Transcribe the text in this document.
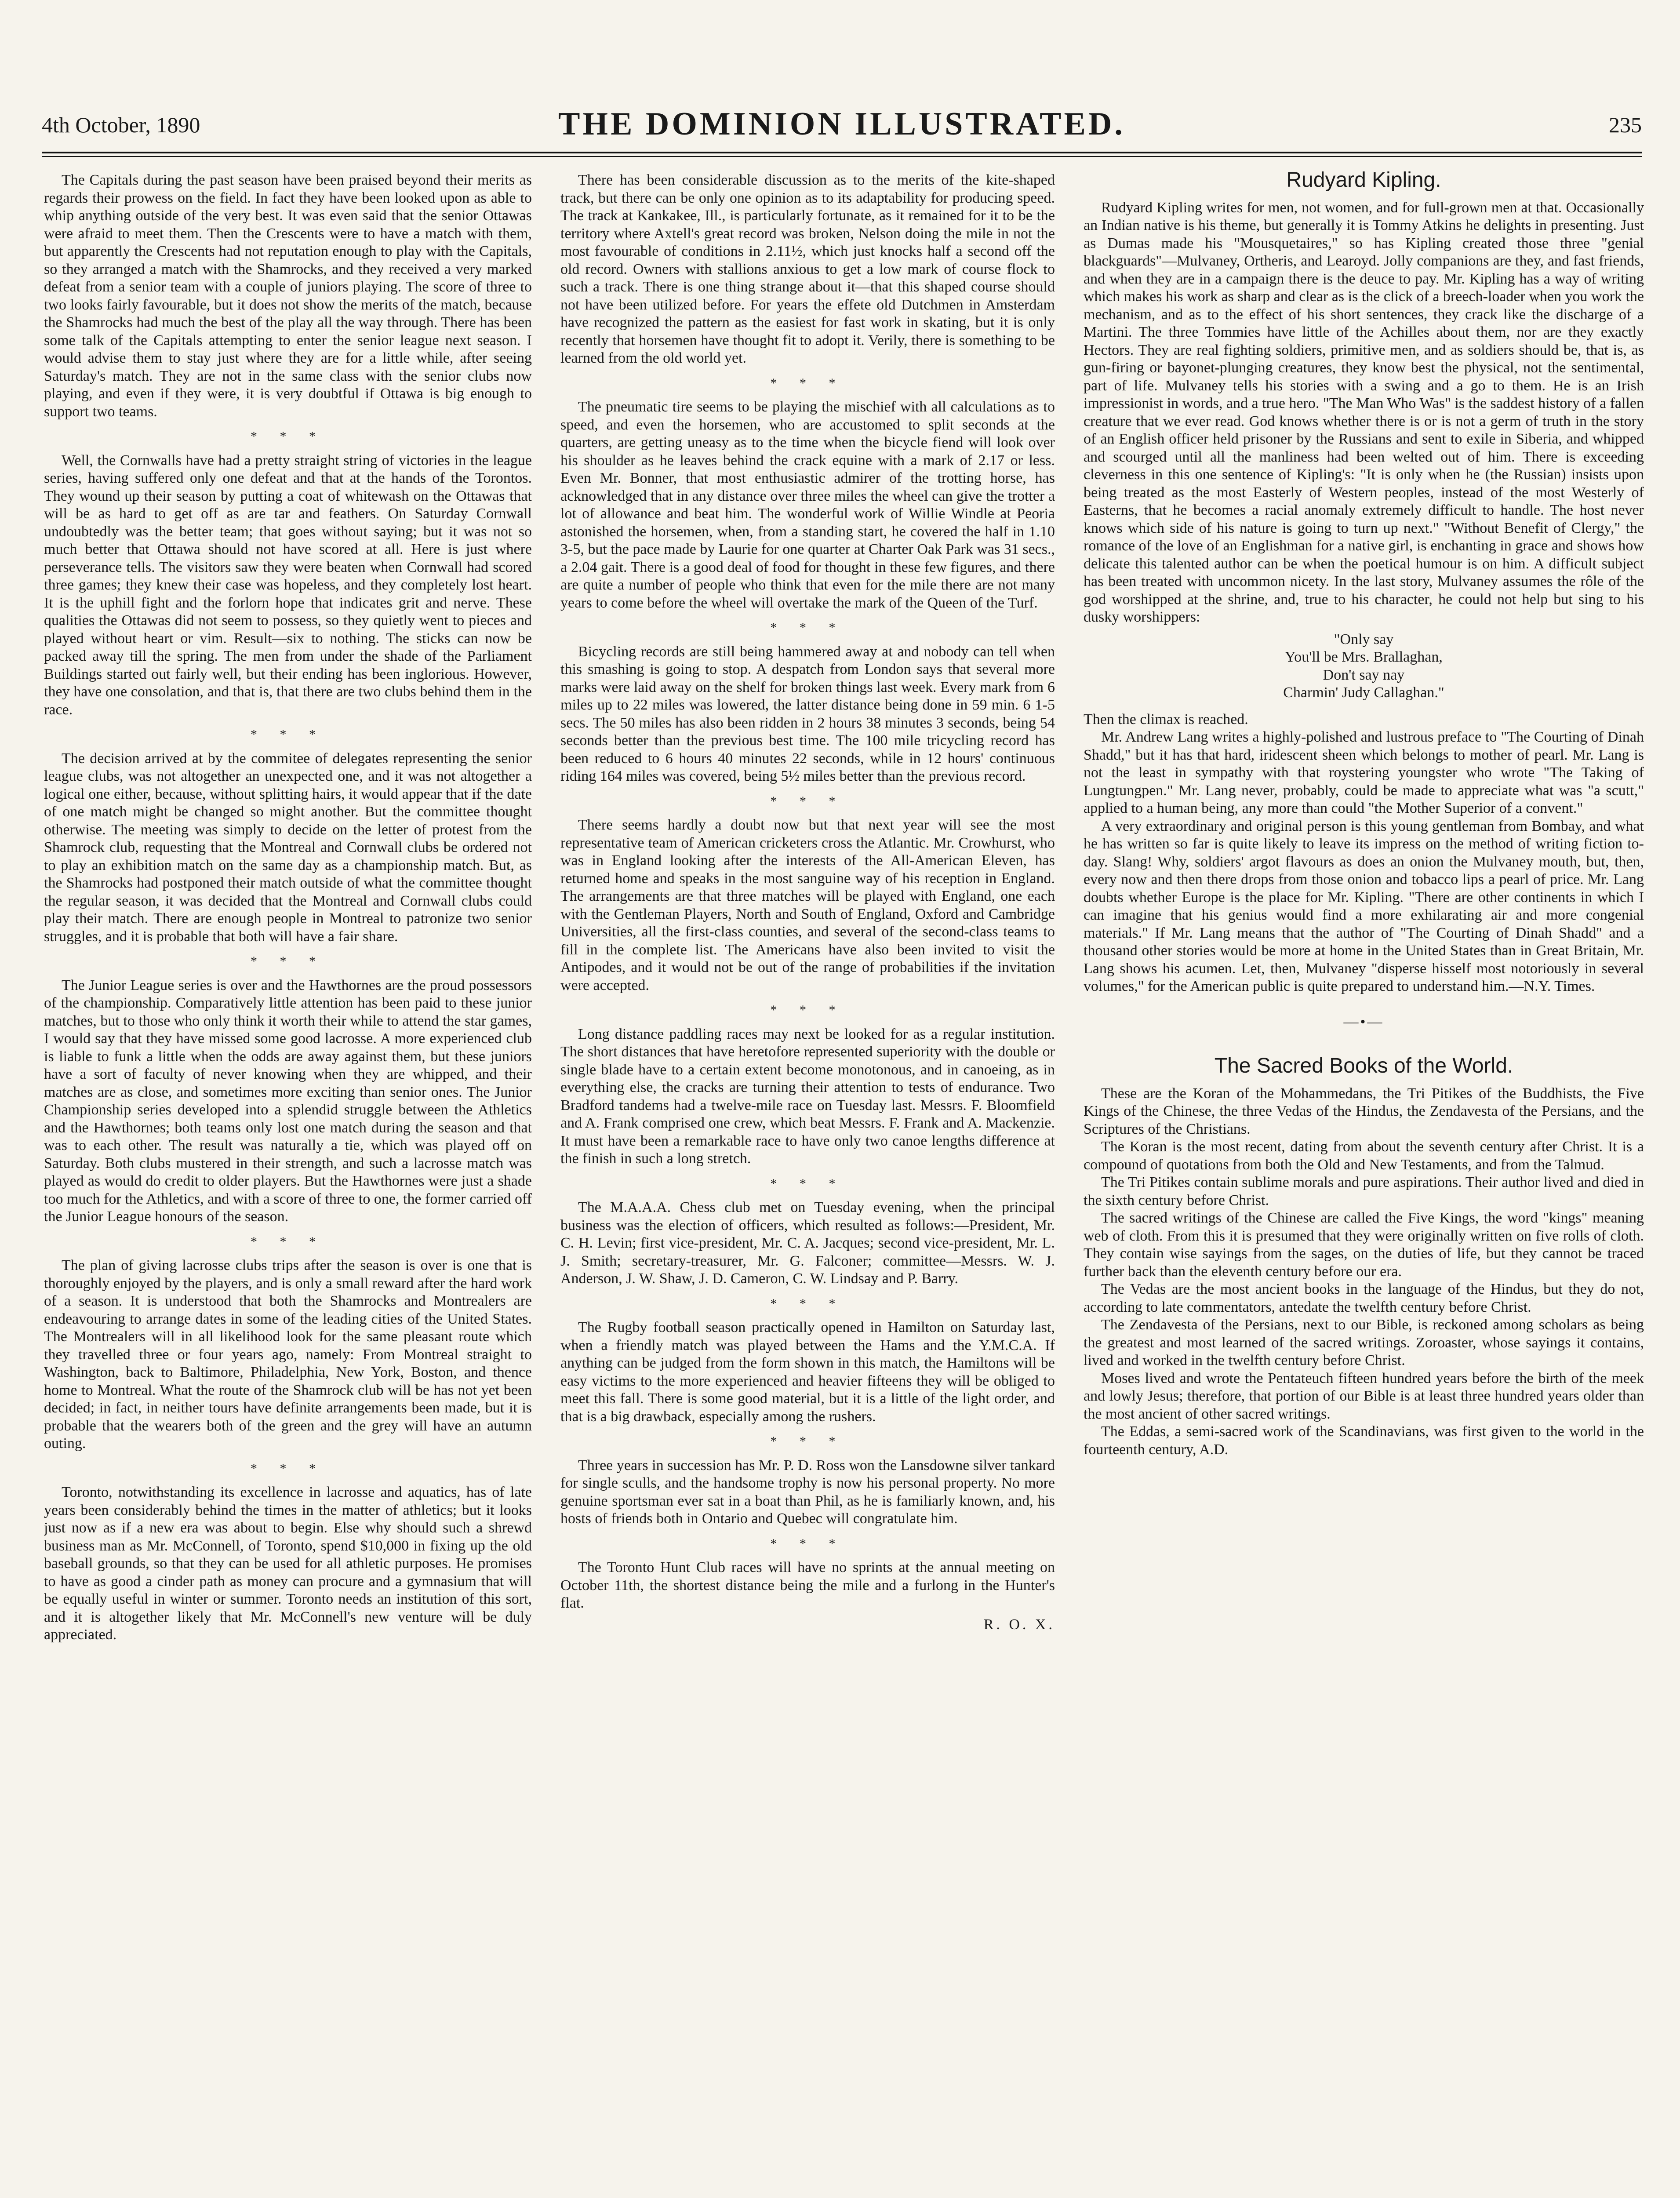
4th October, 1890	THE DOMINION ILLUSTRATED.	235

The Capitals during the past season have been praised beyond their merits as regards their prowess on the field. In fact they have been looked upon as able to whip anything outside of the very best. It was even said that the senior Ottawas were afraid to meet them. Then the Crescents were to have a match with them, but apparently the Crescents had not reputation enough to play with the Capitals, so they arranged a match with the Shamrocks, and they received a very marked defeat from a senior team with a couple of juniors playing. The score of three to two looks fairly favourable, but it does not show the merits of the match, because the Shamrocks had much the best of the play all the way through. There has been some talk of the Capitals attempting to enter the senior league next season. I would advise them to stay just where they are for a little while, after seeing Saturday's match. They are not in the same class with the senior clubs now playing, and even if they were, it is very doubtful if Ottawa is big enough to support two teams.

* * *

Well, the Cornwalls have had a pretty straight string of victories in the league series, having suffered only one defeat and that at the hands of the Torontos. They wound up their season by putting a coat of whitewash on the Ottawas that will be as hard to get off as are tar and feathers. On Saturday Cornwall undoubtedly was the better team; that goes without saying; but it was not so much better that Ottawa should not have scored at all. Here is just where perseverance tells. The visitors saw they were beaten when Cornwall had scored three games; they knew their case was hopeless, and they completely lost heart. It is the uphill fight and the forlorn hope that indicates grit and nerve. These qualities the Ottawas did not seem to possess, so they quietly went to pieces and played without heart or vim. Result—six to nothing. The sticks can now be packed away till the spring. The men from under the shade of the Parliament Buildings started out fairly well, but their ending has been inglorious. However, they have one consolation, and that is, that there are two clubs behind them in the race.

* * *

The decision arrived at by the commitee of delegates representing the senior league clubs, was not altogether an unexpected one, and it was not altogether a logical one either, because, without splitting hairs, it would appear that if the date of one match might be changed so might another. But the committee thought otherwise. The meeting was simply to decide on the letter of protest from the Shamrock club, requesting that the Montreal and Cornwall clubs be ordered not to play an exhibition match on the same day as a championship match. But, as the Shamrocks had postponed their match outside of what the committee thought the regular season, it was decided that the Montreal and Cornwall clubs could play their match. There are enough people in Montreal to patronize two senior struggles, and it is probable that both will have a fair share.

* * *

The Junior League series is over and the Hawthornes are the proud possessors of the championship. Comparatively little attention has been paid to these junior matches, but to those who only think it worth their while to attend the star games, I would say that they have missed some good lacrosse. A more experienced club is liable to funk a little when the odds are away against them, but these juniors have a sort of faculty of never knowing when they are whipped, and their matches are as close, and sometimes more exciting than senior ones. The Junior Championship series developed into a splendid struggle between the Athletics and the Hawthornes; both teams only lost one match during the season and that was to each other. The result was naturally a tie, which was played off on Saturday. Both clubs mustered in their strength, and such a lacrosse match was played as would do credit to older players. But the Hawthornes were just a shade too much for the Athletics, and with a score of three to one, the former carried off the Junior League honours of the season.

* * *

The plan of giving lacrosse clubs trips after the season is over is one that is thoroughly enjoyed by the players, and is only a small reward after the hard work of a season. It is understood that both the Shamrocks and Montrealers are endeavouring to arrange dates in some of the leading cities of the United States. The Montrealers will in all likelihood look for the same pleasant route which they travelled three or four years ago, namely: From Montreal straight to Washington, back to Baltimore, Philadelphia, New York, Boston, and thence home to Montreal. What the route of the Shamrock club will be has not yet been decided; in fact, in neither tours have definite arrangements been made, but it is probable that the wearers both of the green and the grey will have an autumn outing.

* * *

Toronto, notwithstanding its excellence in lacrosse and aquatics, has of late years been considerably behind the times in the matter of athletics; but it looks just now as if a new era was about to begin. Else why should such a shrewd business man as Mr. McConnell, of Toronto, spend $10,000 in fixing up the old baseball grounds, so that they can be used for all athletic purposes. He promises to have as good a cinder path as money can procure and a gymnasium that will be equally useful in winter or summer. Toronto needs an institution of this sort, and it is altogether likely that Mr. McConnell's new venture will be duly appreciated.

There has been considerable discussion as to the merits of the kite-shaped track, but there can be only one opinion as to its adaptability for producing speed. The track at Kankakee, Ill., is particularly fortunate, as it remained for it to be the territory where Axtell's great record was broken, Nelson doing the mile in not the most favourable of conditions in 2.11½, which just knocks half a second off the old record. Owners with stallions anxious to get a low mark of course flock to such a track. There is one thing strange about it—that this shaped course should not have been utilized before. For years the effete old Dutchmen in Amsterdam have recognized the pattern as the easiest for fast work in skating, but it is only recently that horsemen have thought fit to adopt it. Verily, there is something to be learned from the old world yet.

* * *

The pneumatic tire seems to be playing the mischief with all calculations as to speed, and even the horsemen, who are accustomed to split seconds at the quarters, are getting uneasy as to the time when the bicycle fiend will look over his shoulder as he leaves behind the crack equine with a mark of 2.17 or less. Even Mr. Bonner, that most enthusiastic admirer of the trotting horse, has acknowledged that in any distance over three miles the wheel can give the trotter a lot of allowance and beat him. The wonderful work of Willie Windle at Peoria astonished the horsemen, when, from a standing start, he covered the half in 1.10 3-5, but the pace made by Laurie for one quarter at Charter Oak Park was 31 secs., a 2.04 gait. There is a good deal of food for thought in these few figures, and there are quite a number of people who think that even for the mile there are not many years to come before the wheel will overtake the mark of the Queen of the Turf.

* * *

Bicycling records are still being hammered away at and nobody can tell when this smashing is going to stop. A despatch from London says that several more marks were laid away on the shelf for broken things last week. Every mark from 6 miles up to 22 miles was lowered, the latter distance being done in 59 min. 6 1-5 secs. The 50 miles has also been ridden in 2 hours 38 minutes 3 seconds, being 54 seconds better than the previous best time. The 100 mile tricycling record has been reduced to 6 hours 40 minutes 22 seconds, while in 12 hours' continuous riding 164 miles was covered, being 5½ miles better than the previous record.

* * *

There seems hardly a doubt now but that next year will see the most representative team of American cricketers cross the Atlantic. Mr. Crowhurst, who was in England looking after the interests of the All-American Eleven, has returned home and speaks in the most sanguine way of his reception in England. The arrangements are that three matches will be played with England, one each with the Gentleman Players, North and South of England, Oxford and Cambridge Universities, all the first-class counties, and several of the second-class teams to fill in the complete list. The Americans have also been invited to visit the Antipodes, and it would not be out of the range of probabilities if the invitation were accepted.

* * *

Long distance paddling races may next be looked for as a regular institution. The short distances that have heretofore represented superiority with the double or single blade have to a certain extent become monotonous, and in canoeing, as in everything else, the cracks are turning their attention to tests of endurance. Two Bradford tandems had a twelve-mile race on Tuesday last. Messrs. F. Bloomfield and A. Frank comprised one crew, which beat Messrs. F. Frank and A. Mackenzie. It must have been a remarkable race to have only two canoe lengths difference at the finish in such a long stretch.

* * *

The M.A.A.A. Chess club met on Tuesday evening, when the principal business was the election of officers, which resulted as follows:—President, Mr. C. H. Levin; first vice-president, Mr. C. A. Jacques; second vice-president, Mr. L. J. Smith; secretary-treasurer, Mr. G. Falconer; committee—Messrs. W. J. Anderson, J. W. Shaw, J. D. Cameron, C. W. Lindsay and P. Barry.

* * *

The Rugby football season practically opened in Hamilton on Saturday last, when a friendly match was played between the Hams and the Y.M.C.A. If anything can be judged from the form shown in this match, the Hamiltons will be easy victims to the more experienced and heavier fifteens they will be obliged to meet this fall. There is some good material, but it is a little of the light order, and that is a big drawback, especially among the rushers.

* * *

Three years in succession has Mr. P. D. Ross won the Lansdowne silver tankard for single sculls, and the handsome trophy is now his personal property. No more genuine sportsman ever sat in a boat than Phil, as he is familiarly known, and, his hosts of friends both in Ontario and Quebec will congratulate him.

* * *

The Toronto Hunt Club races will have no sprints at the annual meeting on October 11th, the shortest distance being the mile and a furlong in the Hunter's flat.

R. O. X.
Rudyard Kipling.

Rudyard Kipling writes for men, not women, and for full-grown men at that. Occasionally an Indian native is his theme, but generally it is Tommy Atkins he delights in presenting. Just as Dumas made his "Mousquetaires," so has Kipling created those three "genial blackguards"—Mulvaney, Ortheris, and Learoyd. Jolly companions are they, and fast friends, and when they are in a campaign there is the deuce to pay. Mr. Kipling has a way of writing which makes his work as sharp and clear as is the click of a breech-loader when you work the mechanism, and as to the effect of his short sentences, they crack like the discharge of a Martini. The three Tommies have little of the Achilles about them, nor are they exactly Hectors. They are real fighting soldiers, primitive men, and as soldiers should be, that is, as gun-firing or bayonet-plunging creatures, they know best the physical, not the sentimental, part of life. Mulvaney tells his stories with a swing and a go to them. He is an Irish impressionist in words, and a true hero. "The Man Who Was" is the saddest history of a fallen creature that we ever read. God knows whether there is or is not a germ of truth in the story of an English officer held prisoner by the Russians and sent to exile in Siberia, and whipped and scourged until all the manliness had been welted out of him. There is exceeding cleverness in this one sentence of Kipling's: "It is only when he (the Russian) insists upon being treated as the most Easterly of Western peoples, instead of the most Westerly of Easterns, that he becomes a racial anomaly extremely difficult to handle. The host never knows which side of his nature is going to turn up next." "Without Benefit of Clergy," the romance of the love of an Englishman for a native girl, is enchanting in grace and shows how delicate this talented author can be when the poetical humour is on him. A difficult subject has been treated with uncommon nicety. In the last story, Mulvaney assumes the rôle of the god worshipped at the shrine, and, true to his character, he could not help but sing to his dusky worshippers:

"Only say
You'll be Mrs. Brallaghan,
Don't say nay
Charmin' Judy Callaghan."

Then the climax is reached.

Mr. Andrew Lang writes a highly-polished and lustrous preface to "The Courting of Dinah Shadd," but it has that hard, iridescent sheen which belongs to mother of pearl. Mr. Lang is not the least in sympathy with that roystering youngster who wrote "The Taking of Lungtungpen." Mr. Lang never, probably, could be made to appreciate what was "a scutt," applied to a human being, any more than could "the Mother Superior of a convent."

A very extraordinary and original person is this young gentleman from Bombay, and what he has written so far is quite likely to leave its impress on the method of writing fiction to-day. Slang! Why, soldiers' argot flavours as does an onion the Mulvaney mouth, but, then, every now and then there drops from those onion and tobacco lips a pearl of price. Mr. Lang doubts whether Europe is the place for Mr. Kipling. "There are other continents in which I can imagine that his genius would find a more exhilarating air and more congenial materials." If Mr. Lang means that the author of "The Courting of Dinah Shadd" and a thousand other stories would be more at home in the United States than in Great Britain, Mr. Lang shows his acumen. Let, then, Mulvaney "disperse hisself most notoriously in several volumes," for the American public is quite prepared to understand him.—N.Y. Times.

—•—
The Sacred Books of the World.

These are the Koran of the Mohammedans, the Tri Pitikes of the Buddhists, the Five Kings of the Chinese, the three Vedas of the Hindus, the Zendavesta of the Persians, and the Scriptures of the Christians.

The Koran is the most recent, dating from about the seventh century after Christ. It is a compound of quotations from both the Old and New Testaments, and from the Talmud.

The Tri Pitikes contain sublime morals and pure aspirations. Their author lived and died in the sixth century before Christ.

The sacred writings of the Chinese are called the Five Kings, the word "kings" meaning web of cloth. From this it is presumed that they were originally written on five rolls of cloth. They contain wise sayings from the sages, on the duties of life, but they cannot be traced further back than the eleventh century before our era.

The Vedas are the most ancient books in the language of the Hindus, but they do not, according to late commentators, antedate the twelfth century before Christ.

The Zendavesta of the Persians, next to our Bible, is reckoned among scholars as being the greatest and most learned of the sacred writings. Zoroaster, whose sayings it contains, lived and worked in the twelfth century before Christ.

Moses lived and wrote the Pentateuch fifteen hundred years before the birth of the meek and lowly Jesus; therefore, that portion of our Bible is at least three hundred years older than the most ancient of other sacred writings.

The Eddas, a semi-sacred work of the Scandinavians, was first given to the world in the fourteenth century, A.D.
